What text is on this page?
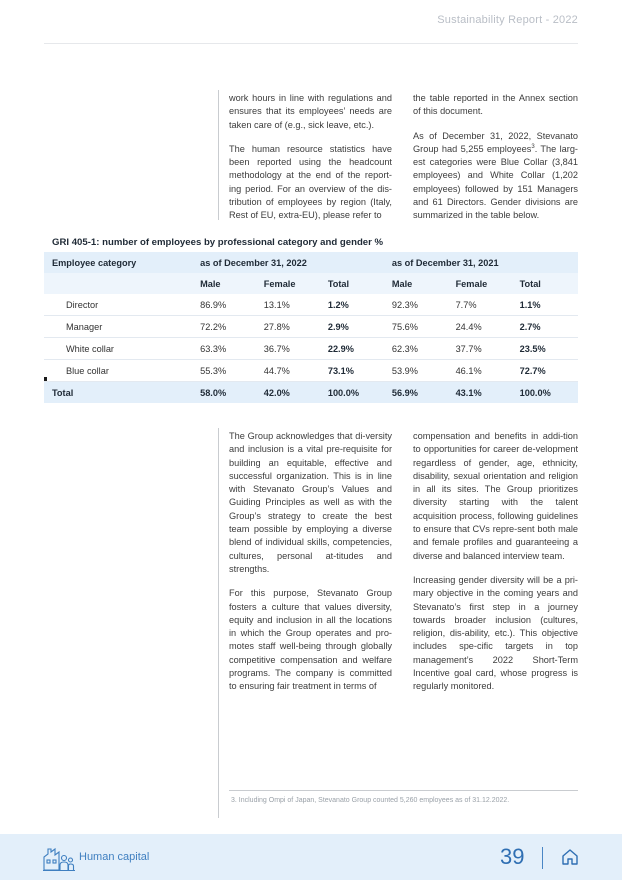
Sustainability Report - 2022

work hours in line with regulations and ensures that its employees’ needs are taken care of (e.g., sick leave, etc.).

The human resource statistics have been reported using the headcount methodology at the end of the report-ing period. For an overview of the dis-tribution of employees by region (Italy, Rest of EU, extra-EU), please refer to

the table reported in the Annex section of this document.

As of December 31, 2022, Stevanato Group had 5,255 employees$^3$. The larg-est categories were Blue Collar (3,841 employees) and White Collar (1,202 employees) followed by 151 Managers and 61 Directors. Gender divisions are summarized in the table below.

GRI 405-1: number of employees by professional category and gender %
Employee category	as of December 31, 2022			as of December 31, 2021		
	Male	Female	Total	Male	Female	Total
Director	86.9%	13.1%	1.2%	92.3%	7.7%	1.1%
Manager	72.2%	27.8%	2.9%	75.6%	24.4%	2.7%
White collar	63.3%	36.7%	22.9%	62.3%	37.7%	23.5%
Blue collar	55.3%	44.7%	73.1%	53.9%	46.1%	72.7%
Total	58.0%	42.0%	100.0%	56.9%	43.1%	100.0%

The Group acknowledges that di-versity and inclusion is a vital pre-requisite for building an equitable, effective and successful organization. This is in line with Stevanato Group’s Values and Guiding Principles as well as with the Group’s strategy to create the best team possible by employing a diverse blend of individual skills, competencies, cultures, personal at-titudes and strengths.

For this purpose, Stevanato Group fosters a culture that values diversity, equity and inclusion in all the locations in which the Group operates and pro-motes staff well-being through globally competitive compensation and welfare programs. The company is committed to ensuring fair treatment in terms of

compensation and benefits in addi-tion to opportunities for career de-velopment regardless of gender, age, ethnicity, disability, sexual orientation and religion in all its sites. The Group prioritizes diversity starting with the talent acquisition process, following guidelines to ensure that CVs repre-sent both male and female profiles and guaranteeing a diverse and balanced interview team.

Increasing gender diversity will be a pri-mary objective in the coming years and Stevanato’s first step in a journey towards broader inclusion (cultures, religion, dis-ability, etc.). This objective includes spe-cific targets in top management’s 2022 Short-Term Incentive goal card, whose progress is regularly monitored.

3. Including Ompi of Japan, Stevanato Group counted 5,260 employees as of 31.12.2022.
Human capital	39
